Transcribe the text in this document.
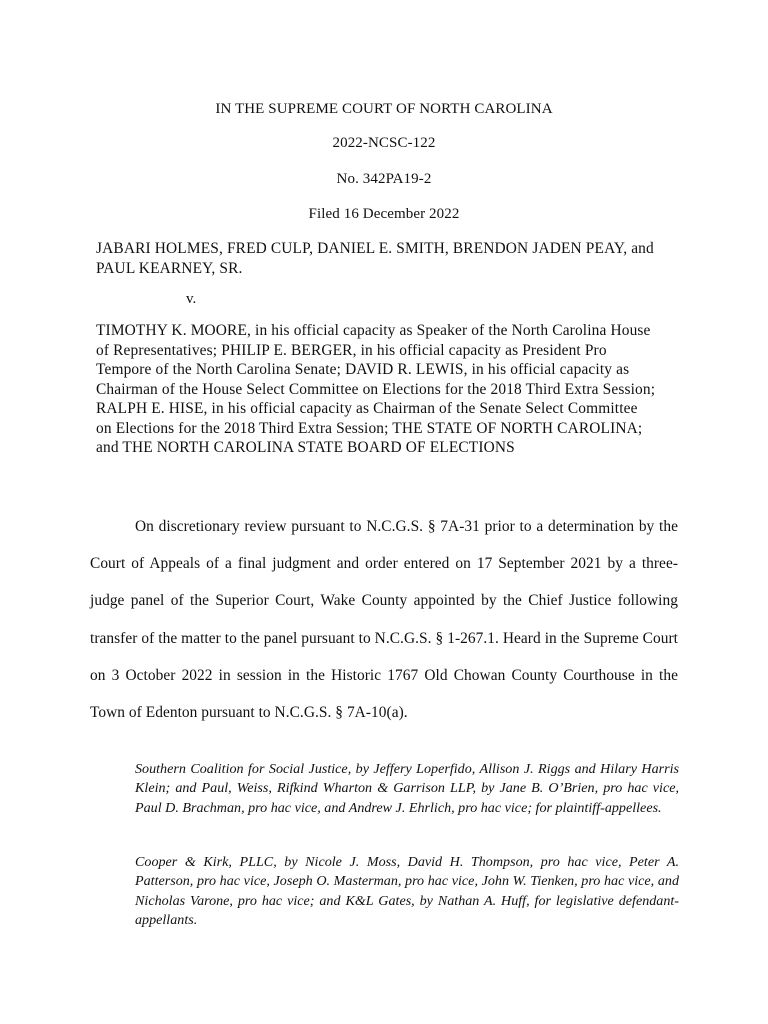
IN THE SUPREME COURT OF NORTH CAROLINA
2022-NCSC-122
No. 342PA19-2
Filed 16 December 2022
JABARI HOLMES, FRED CULP, DANIEL E. SMITH, BRENDON JADEN PEAY, and PAUL KEARNEY, SR.
v.
TIMOTHY K. MOORE, in his official capacity as Speaker of the North Carolina House of Representatives; PHILIP E. BERGER, in his official capacity as President Pro Tempore of the North Carolina Senate; DAVID R. LEWIS, in his official capacity as Chairman of the House Select Committee on Elections for the 2018 Third Extra Session; RALPH E. HISE, in his official capacity as Chairman of the Senate Select Committee on Elections for the 2018 Third Extra Session; THE STATE OF NORTH CAROLINA; and THE NORTH CAROLINA STATE BOARD OF ELECTIONS
On discretionary review pursuant to N.C.G.S. § 7A-31 prior to a determination by the Court of Appeals of a final judgment and order entered on 17 September 2021 by a three-judge panel of the Superior Court, Wake County appointed by the Chief Justice following transfer of the matter to the panel pursuant to N.C.G.S. § 1-267.1. Heard in the Supreme Court on 3 October 2022 in session in the Historic 1767 Old Chowan County Courthouse in the Town of Edenton pursuant to N.C.G.S. § 7A-10(a).
Southern Coalition for Social Justice, by Jeffery Loperfido, Allison J. Riggs and Hilary Harris Klein; and Paul, Weiss, Rifkind Wharton & Garrison LLP, by Jane B. O’Brien, pro hac vice, Paul D. Brachman, pro hac vice, and Andrew J. Ehrlich, pro hac vice; for plaintiff-appellees.
Cooper & Kirk, PLLC, by Nicole J. Moss, David H. Thompson, pro hac vice, Peter A. Patterson, pro hac vice, Joseph O. Masterman, pro hac vice, John W. Tienken, pro hac vice, and Nicholas Varone, pro hac vice; and K&L Gates, by Nathan A. Huff, for legislative defendant-appellants.
